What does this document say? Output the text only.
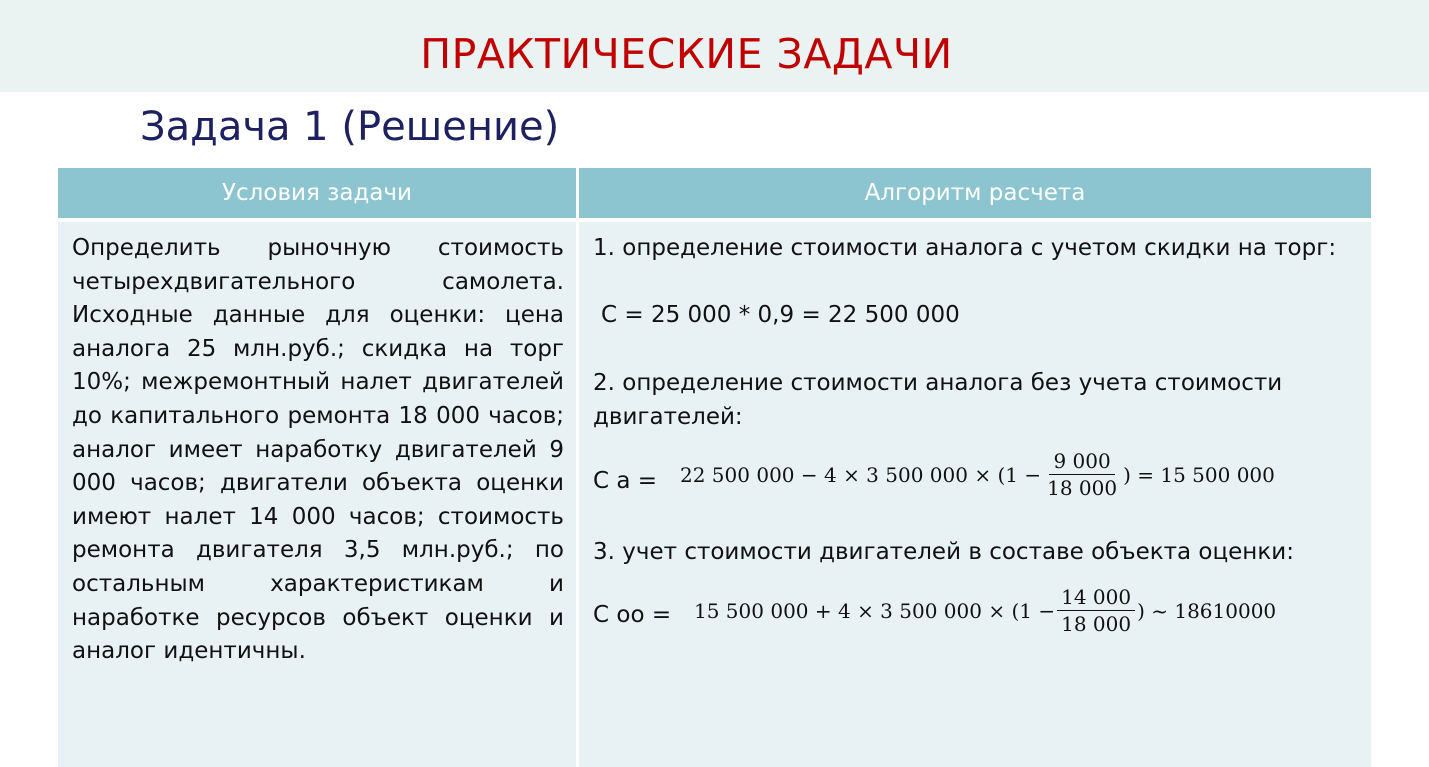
ПРАКТИЧЕСКИЕ ЗАДАЧИ
Задача 1 (Решение)
Условия задачи	Алгоритм расчета
Определить рыночную стоимость четырехдвигательного самолета. Исходные данные для оценки: цена аналога 25 млн.руб.; скидка на торг 10%; межремонтный налет двигателей до капитального ремонта 18 000 часов; аналог имеет наработку двигателей 9 000 часов; двигатели объекта оценки имеют налет 14 000 часов; стоимость ремонта двигателя 3,5 млн.руб.; по остальным характеристикам и наработке ресурсов объект оценки и аналог идентичны.
1. определение стоимости аналога с учетом скидки на торг:
С = 25 000 * 0,9 = 22 500 000
2. определение стоимости аналога без учета стоимости двигателей:
С а = 22 500 000 − 4 × 3 500 $000 \times (1 - \frac{9 000}{18 000}$ ) = 15 500 000
3. учет стоимости двигателей в составе объекта оценки:
С оо = 15 500 000 + 4 × 3 500 $000 \times (1 - \frac{14 000}{18 000}$ ) ~ 18610000
